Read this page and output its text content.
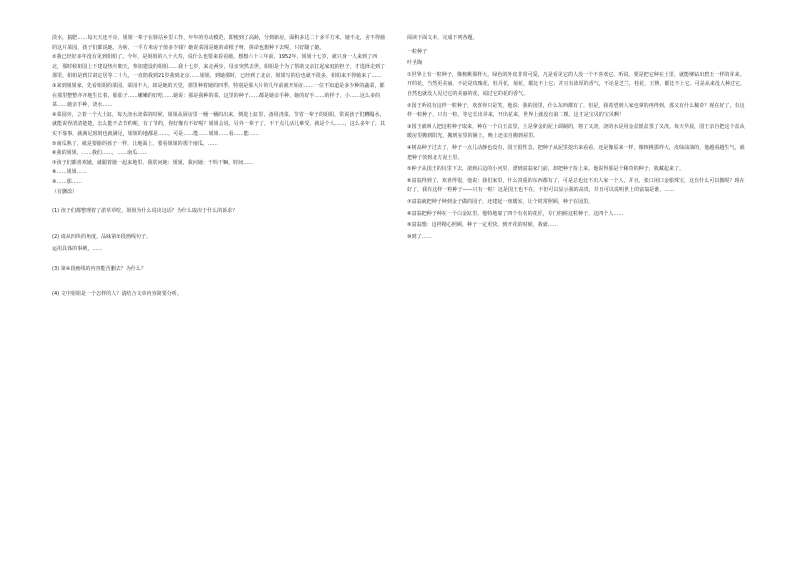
淡水，搞肥……每天天还不亮，姐姐一辈子在驿站乡里工作，年年的劳动模范，即便到了高龄，分到新房，面积多达二十多平方米，她不走，舍不得她的这片菜园，孩子们都说她，为啥，一平方米房子值多少钱？她说菜园是她的命根子呀，拼命也想种下去呢，只好随了她。

②我已经好多年没有见到姐姐了。今年，是姐姐的八十大寿，说什么也要来看看她。想想六十三年前，1952年，姐姐十七岁，就只身一人来到了西北，那时候祖国上下建设热火朝天，参加建设的姐姐……我十七岁，来走两步，母亲突然去世。姐姐是个为了帮助父亲扛起家庭的担子，才选择走到了那里，姐姐是到甘肃定居等二十九，一直陪我到21岁我到北京……姐姐，到她那时，已经到了北京，姐姐写的信也就不很多，姐姐来不得她来了……

③来到姐姐家，先看姐姐的菜园，菜园不大，却是她的天堂，那里种着她的四季，特别是那大片的几年前就开始在……一位不知道是多少种的蔬菜，都在那里整整齐齐地生长着，那茄子……嫩嫩的好吃……她说：那是我种的菜，这里的种子……都是她亲手种，她的好手……的样子，小……这么多的菜……她亲手种，浇水……

④菜园旁，立着一个大土缸，每天浇水浇菜的时候，姐姐从厨房里一桶一桶的出来，倒进土缸里，备用浇菜，节省一辈子的姐姐，常说孩子们糟蹋水，就能说得清清楚楚，怎么能不去节约呢，有了节约，你好像有不好呢？姐姐会说，另外一辈子了，不干点儿活儿难受，就是个人……，这么多年了，其实不靠事，就满足姐姐也就满足，姐姐的地都是……，可是……能……姐姐……看……能……

⑤南瓜熟了，就是要偷的孩子一样，让地面上，要看姐姐的那个南瓜，……

⑥我的姐姐，……我们……，……南瓜……

⑦孩子们都喜欢她，就跟着她一起来地里。我常问她：姐姐，我问她：干吗干嘛，时间……

⑧……姐姐……

⑨……那……

（有删改）

(1) 孩子们都整理着了淤草草吃，姐姐为什么说出这话？为什么取决于什么的诉求？

(2) 请从四块的角度，品味第②段画线句子。

运用具体的事例，……

(3) 第④段画线的内容能否删去？为什么？

(4) 文中姐姐是一个怎样的人？请结合文章内容简要分析。

阅读下面文本，完成下列各题。

一粒种子

叶圣陶

①世界上有一粒种子，像核桃那样大，绿色的外皮非常可爱，凡是看见它的人没一个不喜欢它。听说，要是把它种在土里，就能够钻出碧玉一样的芽来。开的花，当然更美丽，不论是玫瑰花，牡丹花，菊花，都比不上它；并且有浓厚的香气，不论是芝兰，桂花，玉簪，都比不上它。可是从来没人种过它，自然也就没人见过它的美丽的花，闻过它的花的香气。

②国王听说有这样一粒种子，欢喜得只是笑，他说：我的国里，什么东西都有了，但是，我希望到人家也拿的再得到，那又有什么稀奇？现在好了，有这样一粒种子，只有一粒，等它长出芽来，开出花来，世界上就没有第二棵，这才是宝贝的宝贝啊！

③国王就叫人把这粒种子取来，种在一个白玉盆里，土是拿金的泥土调制的，将了又浇，浇的水是用金盆银盆蒸了又浇。每天早晨，国王亲自把这个盆从暖房里搬到阳光，搬到室里的铺上，晚上还亲自搬到屋里。

④树高种子过去了，种子一点儿动静也没有，国王很性急，把种子从泥里挖出来看看，还是像原来一样，像核桃那样大，皮绿油油的，他越看越生气，就把种子放到北方泥土里。

⑤种子从国王的坑里下去，滚到后边的小河里，漂到富翁家门前，却把种子捡上来。他说得那是个稀奇的种子，收藏起来了。

⑥富翁得到了，欢喜得很，他说：我们家里，什么贵重的东西都有了，可是总也比不出人家一个人，并且，张口闭口金银珠宝，这有什么可以傲呢？现在好了，我有这样一粒种子——只有一粒！这是国王也不在，不但可以显示我的高贵，并且可以说明世上的富翁是谁，……

⑦富翁就把种子种到金子做的园子，还建起一座暖室，让个时常照顾，种子在园里。

⑧富翁把种子种在一个白金缸里。他特地雇了四个有名的花匠，专门伺候这粒种子。这四个人……

⑨富翁想：这样精心照顾，种子一定更快。到开花的时候，我就……

⑩到了……
